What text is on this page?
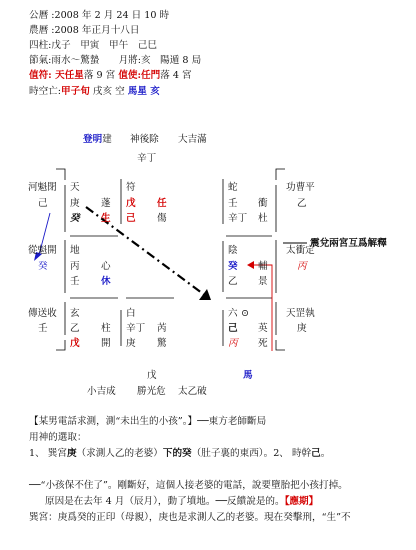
公曆 :2008 年 2 月 24 日 10 時
農曆 :2008 年正月十八日
四柱:戊子　甲寅　甲午　己巳
節氣:雨水～驚蟄　　月將:亥　陽遁 8 局
值符: 天任星落 9 宮 值使:任門落 4 宮
時空亡:甲子旬 戌亥 空 馬星 亥
登明建 神後除 大吉滿
辛丁
河魁閉
己
從魁開
癸
傳送收
壬
功曹平
乙
太衝定
丙
天罡執
庚
震兌兩宮互爲解釋
天
庚 蓬
癸 生
符
戊 任
己 傷
蛇
壬 衝
辛丁 杜
地
丙 心
壬 休
陰
癸 輔
乙 景
玄
乙 柱
戊 開
白
辛丁 芮
庚 驚
六 ⊙
己 英
丙 死
戊	馬
小吉成 勝光危 太乙破
【某男電話求測，測“未出生的小孩”。】──東方老師斷局
用神的選取：
1、 巽宮庚（求測人乙的老婆）下的癸（肚子裏的東西）。2、 時幹己。
──“小孩保不住了”。剛斷好，這個人接老婆的電話，說要墮胎把小孩打掉。
原因是在去年 4 月（辰月），動了墳地。──反饋說是的。【應期】
巽宮：庚爲癸的正印（母親），庚也是求測人乙的老婆。現在癸擊刑，“生”不
